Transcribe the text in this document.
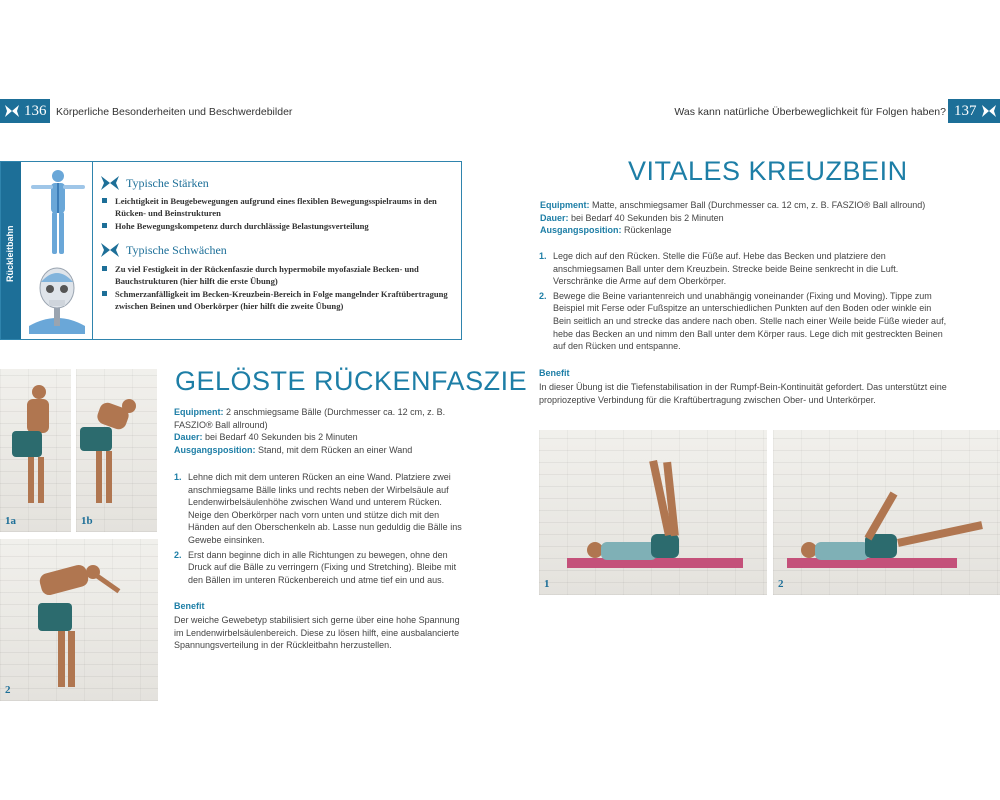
136 Körperliche Besonderheiten und Beschwerdebilder	Was kann natürliche Überbeweglichkeit für Folgen haben? 137
Rückleitbahn
Typische Stärken
Leichtigkeit in Beugebewegungen aufgrund eines flexiblen Bewegungsspielraums in den Rücken- und Beinstrukturen
Hohe Bewegungskompetenz durch durchlässige Belastungsverteilung
Typische Schwächen
Zu viel Festigkeit in der Rückenfaszie durch hypermobile myofasziale Becken- und Bauchstrukturen (hier hilft die erste Übung)
Schmerzanfälligkeit im Becken-Kreuzbein-Bereich in Folge mangelnder Kraftübertragung zwischen Beinen und Oberkörper (hier hilft die zweite Übung)
1a	1b
2
GELÖSTE RÜCKENFASZIE
Equipment: 2 anschmiegsame Bälle (Durchmesser ca. 12 cm, z. B. FASZIO® Ball allround)
Dauer: bei Bedarf 40 Sekunden bis 2 Minuten
Ausgangsposition: Stand, mit dem Rücken an einer Wand
1. Lehne dich mit dem unteren Rücken an eine Wand. Platziere zwei anschmiegsame Bälle links und rechts neben der Wirbelsäule auf Lendenwirbelsäulenhöhe zwischen Wand und unterem Rücken. Neige den Oberkörper nach vorn unten und stütze dich mit den Händen auf den Oberschenkeln ab. Lasse nun geduldig die Bälle ins Gewebe einsinken.
2. Erst dann beginne dich in alle Richtungen zu bewegen, ohne den Druck auf die Bälle zu verringern (Fixing und Stretching). Bleibe mit den Bällen im unteren Rückenbereich und atme tief ein und aus.
Benefit
Der weiche Gewebetyp stabilisiert sich gerne über eine hohe Spannung im Lendenwirbelsäulenbereich. Diese zu lösen hilft, eine ausbalancierte Spannungsverteilung in der Rückleitbahn herzustellen.
VITALES KREUZBEIN
Equipment: Matte, anschmiegsamer Ball (Durchmesser ca. 12 cm, z. B. FASZIO® Ball allround)
Dauer: bei Bedarf 40 Sekunden bis 2 Minuten
Ausgangsposition: Rückenlage
1. Lege dich auf den Rücken. Stelle die Füße auf. Hebe das Becken und platziere den anschmiegsamen Ball unter dem Kreuzbein. Strecke beide Beine senkrecht in die Luft. Verschränke die Arme auf dem Oberkörper.
2. Bewege die Beine variantenreich und unabhängig voneinander (Fixing und Moving). Tippe zum Beispiel mit Ferse oder Fußspitze an unterschiedlichen Punkten auf den Boden oder winkle ein Bein seitlich an und strecke das andere nach oben. Stelle nach einer Weile beide Füße wieder auf, hebe das Becken an und nimm den Ball unter dem Körper raus. Lege dich mit gestreckten Beinen auf den Rücken und entspanne.
Benefit
In dieser Übung ist die Tiefenstabilisation in der Rumpf-Bein-Kontinuität gefordert. Das unterstützt eine propriozeptive Verbindung für die Kraftübertragung zwischen Ober- und Unterkörper.
1	2
